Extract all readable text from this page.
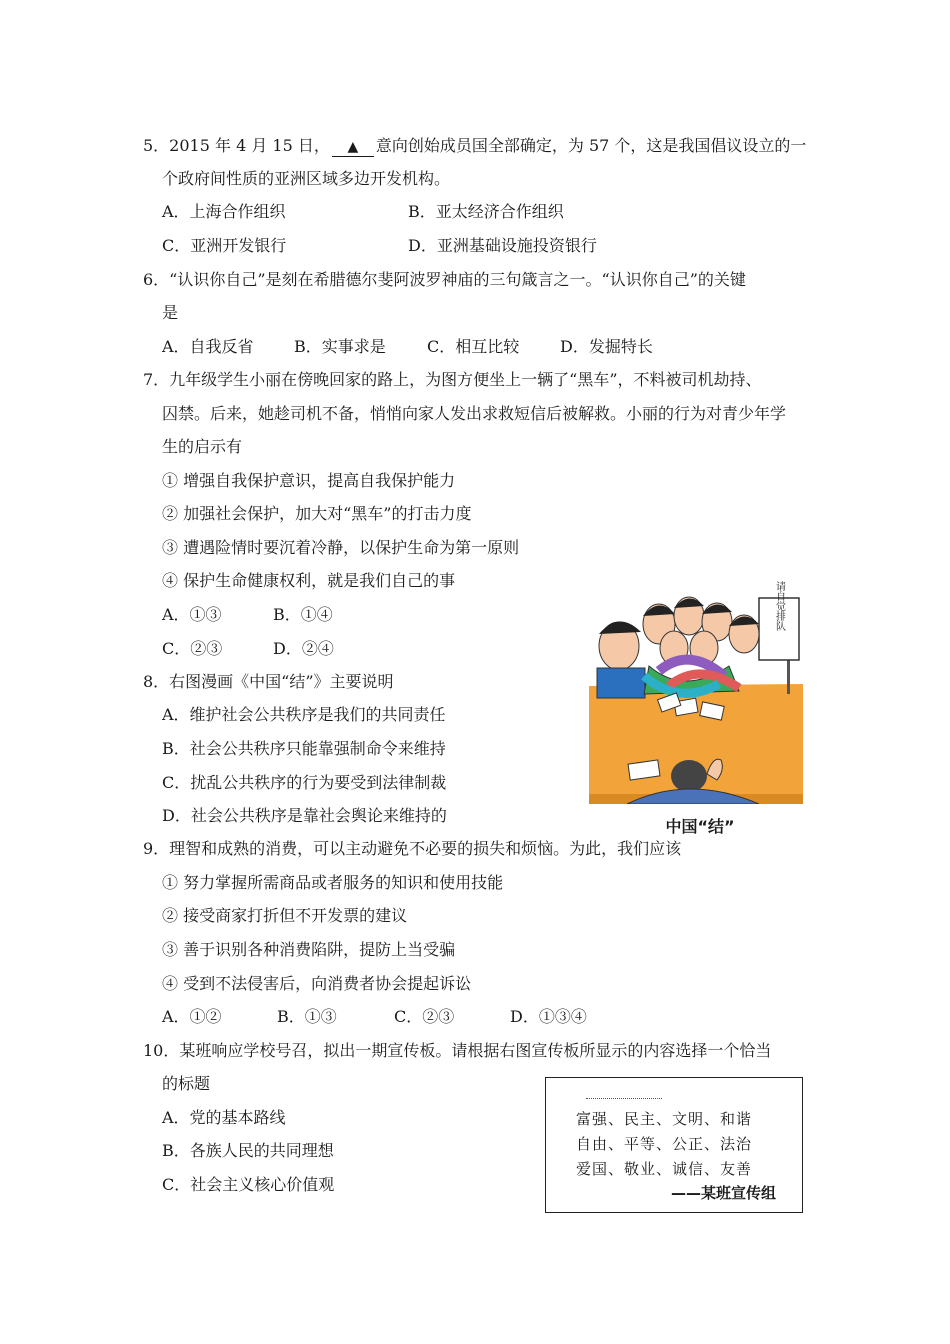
5．2015 年 4 月 15 日， ▲ 意向创始成员国全部确定，为 57 个，这是我国倡议设立的一
个政府间性质的亚洲区域多边开发机构。
A．上海合作组织	B．亚太经济合作组织
C．亚洲开发银行	D．亚洲基础设施投资银行
6．“认识你自己”是刻在希腊德尔斐阿波罗神庙的三句箴言之一。“认识你自己”的关键
是
A．自我反省	B．实事求是	C．相互比较	D．发掘特长
7．九年级学生小丽在傍晚回家的路上，为图方便坐上一辆了“黑车”，不料被司机劫持、
囚禁。后来，她趁司机不备，悄悄向家人发出求救短信后被解救。小丽的行为对青少年学
生的启示有
① 增强自我保护意识，提高自我保护能力
② 加强社会保护，加大对“黑车”的打击力度
③ 遭遇险情时要沉着冷静，以保护生命为第一原则
④ 保护生命健康权利，就是我们自己的事
A．①③	B．①④
C．②③	D．②④
8．右图漫画《中国“结”》主要说明
A．维护社会公共秩序是我们的共同责任
B．社会公共秩序只能靠强制命令来维持
C．扰乱公共秩序的行为要受到法律制裁
D．社会公共秩序是靠社会舆论来维持的
请自觉排队
中国“结”
9．理智和成熟的消费，可以主动避免不必要的损失和烦恼。为此，我们应该
① 努力掌握所需商品或者服务的知识和使用技能
② 接受商家打折但不开发票的建议
③ 善于识别各种消费陷阱，提防上当受骗
④ 受到不法侵害后，向消费者协会提起诉讼
A．①②	B．①③	C．②③	D．①③④
10．某班响应学校号召，拟出一期宣传板。请根据右图宣传板所显示的内容选择一个恰当
的标题
A．党的基本路线
B．各族人民的共同理想
C．社会主义核心价值观
富强、民主、文明、和谐
自由、平等、公正、法治
爱国、敬业、诚信、友善
——某班宣传组
